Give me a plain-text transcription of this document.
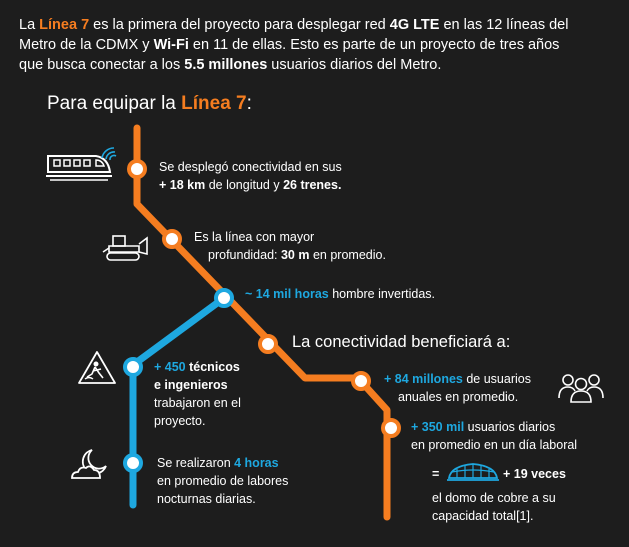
La Línea 7 es la primera del proyecto para desplegar red 4G LTE en las 12 líneas del
Metro de la CDMX y Wi-Fi en 11 de ellas. Esto es parte de un proyecto de tres años
que busca conectar a los 5.5 millones usuarios diarios del Metro.
Para equipar la Línea 7:
Se desplegó conectividad en sus
+ 18 km de longitud y 26 trenes.
Es la línea con mayor
profundidad: 30 m en promedio.
~ 14 mil horas hombre invertidas.
La conectividad beneficiará a:
+ 450 técnicos
e ingenieros
trabajaron en el
proyecto.
+ 84 millones de usuarios
anuales en promedio.
+ 350 mil usuarios diarios
en promedio en un día laboral
=	+ 19 veces
el domo de cobre a su
capacidad total[1].
Se realizaron 4 horas
en promedio de labores
nocturnas diarias.
